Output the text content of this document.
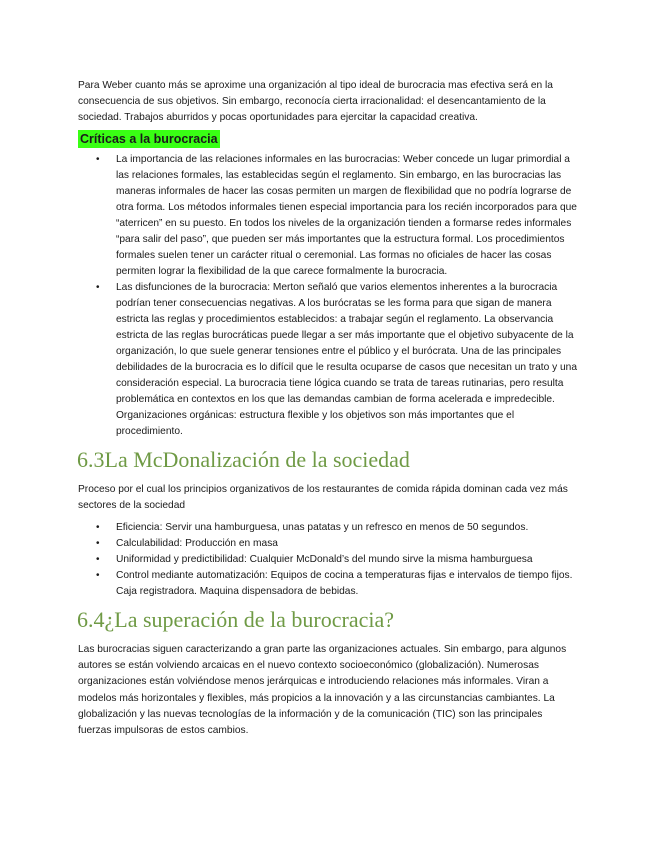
Para Weber cuanto más se aproxime una organización al tipo ideal de burocracia mas efectiva será en la consecuencia de sus objetivos. Sin embargo, reconocía cierta irracionalidad: el desencantamiento de la sociedad. Trabajos aburridos y pocas oportunidades para ejercitar la capacidad creativa.

Críticas a la burocracia
• La importancia de las relaciones informales en las burocracias: Weber concede un lugar primordial a las relaciones formales, las establecidas según el reglamento. Sin embargo, en las burocracias las maneras informales de hacer las cosas permiten un margen de flexibilidad que no podría lograrse de otra forma. Los métodos informales tienen especial importancia para los recién incorporados para que “aterricen” en su puesto. En todos los niveles de la organización tienden a formarse redes informales “para salir del paso”, que pueden ser más importantes que la estructura formal. Los procedimientos formales suelen tener un carácter ritual o ceremonial. Las formas no oficiales de hacer las cosas permiten lograr la flexibilidad de la que carece formalmente la burocracia.
• Las disfunciones de la burocracia: Merton señaló que varios elementos inherentes a la burocracia podrían tener consecuencias negativas. A los burócratas se les forma para que sigan de manera estricta las reglas y procedimientos establecidos: a trabajar según el reglamento. La observancia estricta de las reglas burocráticas puede llegar a ser más importante que el objetivo subyacente de la organización, lo que suele generar tensiones entre el público y el burócrata. Una de las principales debilidades de la burocracia es lo difícil que le resulta ocuparse de casos que necesitan un trato y una consideración especial. La burocracia tiene lógica cuando se trata de tareas rutinarias, pero resulta problemática en contextos en los que las demandas cambian de forma acelerada e impredecible. Organizaciones orgánicas: estructura flexible y los objetivos son más importantes que el procedimiento.
6.3La McDonalización de la sociedad

Proceso por el cual los principios organizativos de los restaurantes de comida rápida dominan cada vez más sectores de la sociedad

• Eficiencia: Servir una hamburguesa, unas patatas y un refresco en menos de 50 segundos.
• Calculabilidad: Producción en masa
• Uniformidad y predictibilidad: Cualquier McDonald’s del mundo sirve la misma hamburguesa
• Control mediante automatización: Equipos de cocina a temperaturas fijas e intervalos de tiempo fijos. Caja registradora. Maquina dispensadora de bebidas.
6.4¿La superación de la burocracia?

Las burocracias siguen caracterizando a gran parte las organizaciones actuales. Sin embargo, para algunos autores se están volviendo arcaicas en el nuevo contexto socioeconómico (globalización). Numerosas organizaciones están volviéndose menos jerárquicas e introduciendo relaciones más informales. Viran a modelos más horizontales y flexibles, más propicios a la innovación y a las circunstancias cambiantes. La globalización y las nuevas tecnologías de la información y de la comunicación (TIC) son las principales fuerzas impulsoras de estos cambios.
